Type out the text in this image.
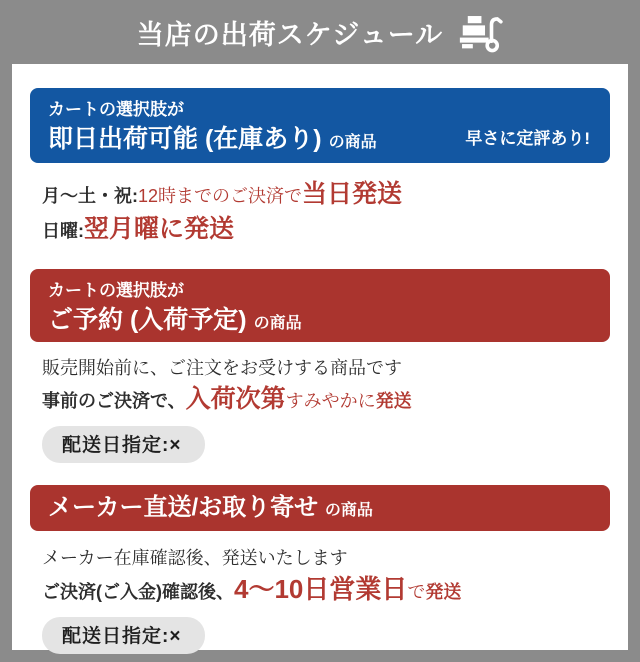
当店の出荷スケジュール
カートの選択肢が
即日出荷可能 (在庫あり) の商品	早さに定評あり!
月〜土・祝:12時までのご決済で当日発送
日曜:翌月曜に発送
カートの選択肢が
ご予約 (入荷予定) の商品
販売開始前に、ご注文をお受けする商品です
事前のご決済で、入荷次第すみやかに発送
配送日指定:×
メーカー直送/お取り寄せ の商品
メーカー在庫確認後、発送いたします
ご決済(ご入金)確認後、4〜10日営業日で発送
配送日指定:×
